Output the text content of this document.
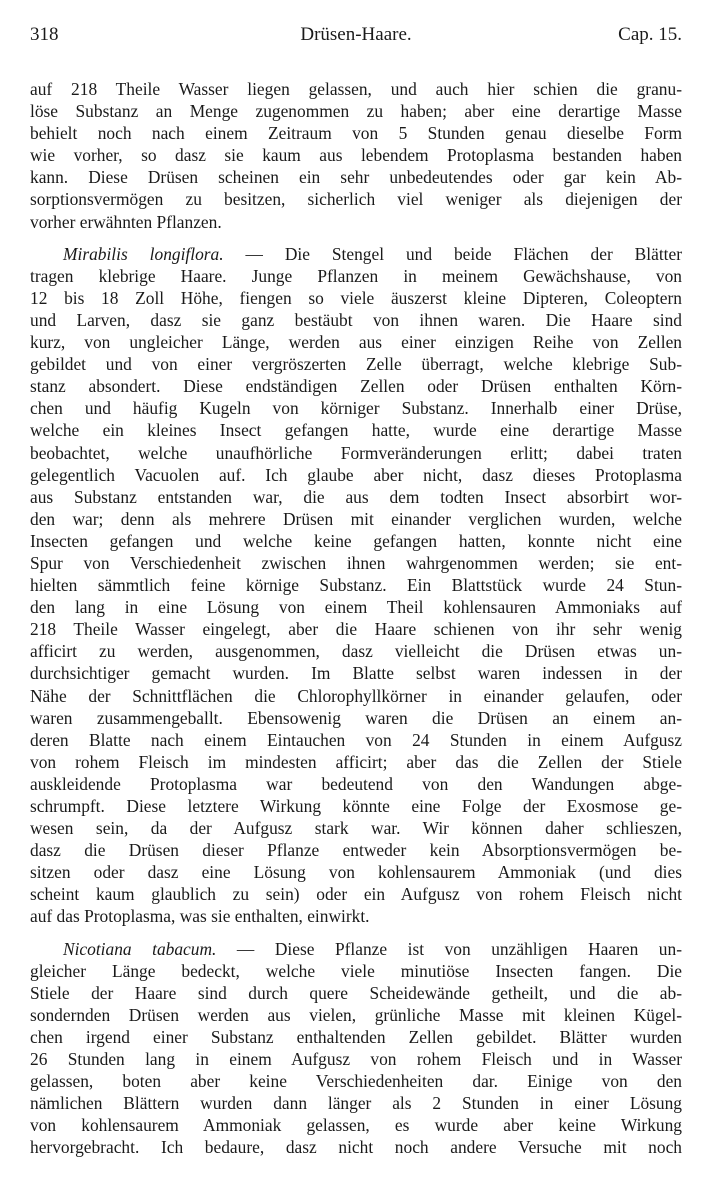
318	Drüsen-Haare.	Cap. 15.
auf 218 Theile Wasser liegen gelassen, und auch hier schien die granu-
löse Substanz an Menge zugenommen zu haben; aber eine derartige Masse
behielt noch nach einem Zeitraum von 5 Stunden genau dieselbe Form
wie vorher, so dasz sie kaum aus lebendem Protoplasma bestanden haben
kann. Diese Drüsen scheinen ein sehr unbedeutendes oder gar kein Ab-
sorptionsvermögen zu besitzen, sicherlich viel weniger als diejenigen der
vorher erwähnten Pflanzen.
Mirabilis longiflora. — Die Stengel und beide Flächen der Blätter
tragen klebrige Haare. Junge Pflanzen in meinem Gewächshause, von
12 bis 18 Zoll Höhe, fiengen so viele äuszerst kleine Dipteren, Coleoptern
und Larven, dasz sie ganz bestäubt von ihnen waren. Die Haare sind
kurz, von ungleicher Länge, werden aus einer einzigen Reihe von Zellen
gebildet und von einer vergröszerten Zelle überragt, welche klebrige Sub-
stanz absondert. Diese endständigen Zellen oder Drüsen enthalten Körn-
chen und häufig Kugeln von körniger Substanz. Innerhalb einer Drüse,
welche ein kleines Insect gefangen hatte, wurde eine derartige Masse
beobachtet, welche unaufhörliche Formveränderungen erlitt; dabei traten
gelegentlich Vacuolen auf. Ich glaube aber nicht, dasz dieses Protoplasma
aus Substanz entstanden war, die aus dem todten Insect absorbirt wor-
den war; denn als mehrere Drüsen mit einander verglichen wurden, welche
Insecten gefangen und welche keine gefangen hatten, konnte nicht eine
Spur von Verschiedenheit zwischen ihnen wahrgenommen werden; sie ent-
hielten sämmtlich feine körnige Substanz. Ein Blattstück wurde 24 Stun-
den lang in eine Lösung von einem Theil kohlensauren Ammoniaks auf
218 Theile Wasser eingelegt, aber die Haare schienen von ihr sehr wenig
afficirt zu werden, ausgenommen, dasz vielleicht die Drüsen etwas un-
durchsichtiger gemacht wurden. Im Blatte selbst waren indessen in der
Nähe der Schnittflächen die Chlorophyllkörner in einander gelaufen, oder
waren zusammengeballt. Ebensowenig waren die Drüsen an einem an-
deren Blatte nach einem Eintauchen von 24 Stunden in einem Aufgusz
von rohem Fleisch im mindesten afficirt; aber das die Zellen der Stiele
auskleidende Protoplasma war bedeutend von den Wandungen abge-
schrumpft. Diese letztere Wirkung könnte eine Folge der Exosmose ge-
wesen sein, da der Aufgusz stark war. Wir können daher schlieszen,
dasz die Drüsen dieser Pflanze entweder kein Absorptionsvermögen be-
sitzen oder dasz eine Lösung von kohlensaurem Ammoniak (und dies
scheint kaum glaublich zu sein) oder ein Aufgusz von rohem Fleisch nicht
auf das Protoplasma, was sie enthalten, einwirkt.
Nicotiana tabacum. — Diese Pflanze ist von unzähligen Haaren un-
gleicher Länge bedeckt, welche viele minutiöse Insecten fangen. Die
Stiele der Haare sind durch quere Scheidewände getheilt, und die ab-
sondernden Drüsen werden aus vielen, grünliche Masse mit kleinen Kügel-
chen irgend einer Substanz enthaltenden Zellen gebildet. Blätter wurden
26 Stunden lang in einem Aufgusz von rohem Fleisch und in Wasser
gelassen, boten aber keine Verschiedenheiten dar. Einige von den
nämlichen Blättern wurden dann länger als 2 Stunden in einer Lösung
von kohlensaurem Ammoniak gelassen, es wurde aber keine Wirkung
hervorgebracht. Ich bedaure, dasz nicht noch andere Versuche mit noch
